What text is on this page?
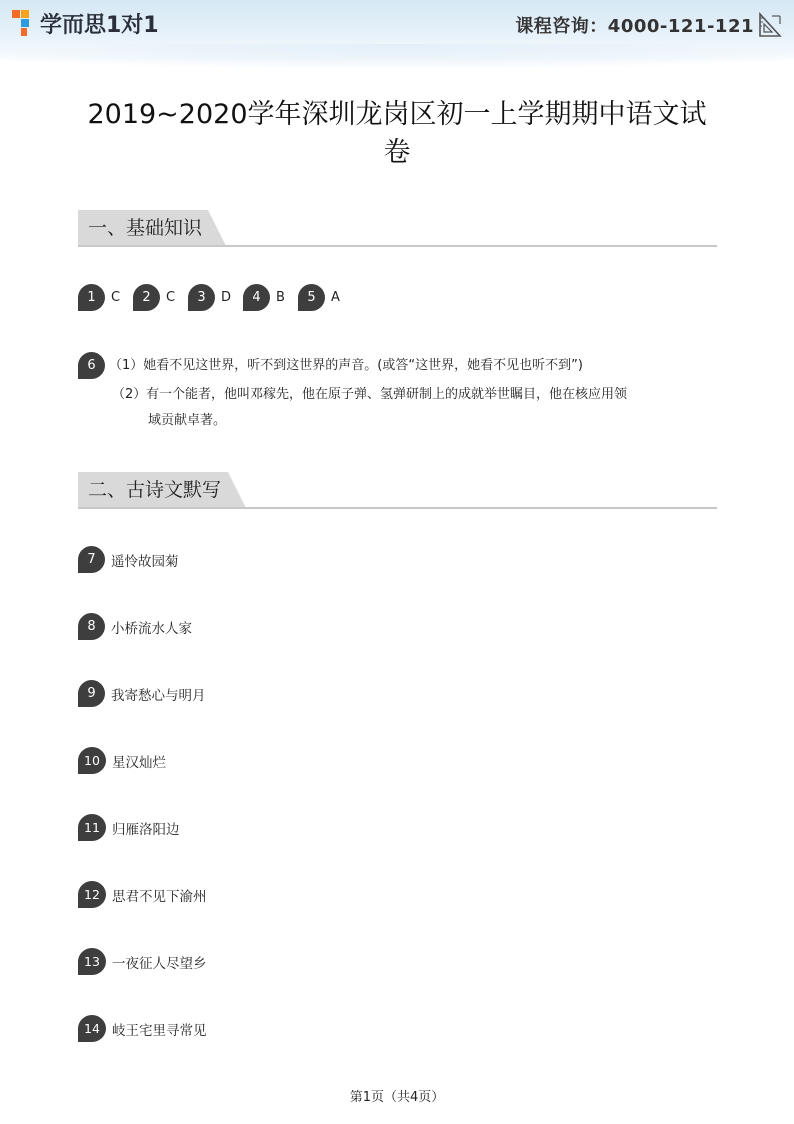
学而思1对1	课程咨询：4000-121-121
2019~2020学年深圳龙岗区初一上学期期中语文试卷
一、基础知识
1	C	2	C	3	D	4	B	5	A
6	（1） 她看不见这世界，听不到这世界的声音。(或答“这世界，她看不见也听不到”)
（2）有一个能者，他叫邓稼先，他在原子弹、氢弹研制上的成就举世瞩目，他在核应用领
域贡献卓著。
二、古诗文默写
7	遥怜故园菊
8	小桥流水人家
9	我寄愁心与明月
10 星汉灿烂
11 归雁洛阳边
12 思君不见下渝州
13 一夜征人尽望乡
14 岐王宅里寻常见
第1页（共4页）
